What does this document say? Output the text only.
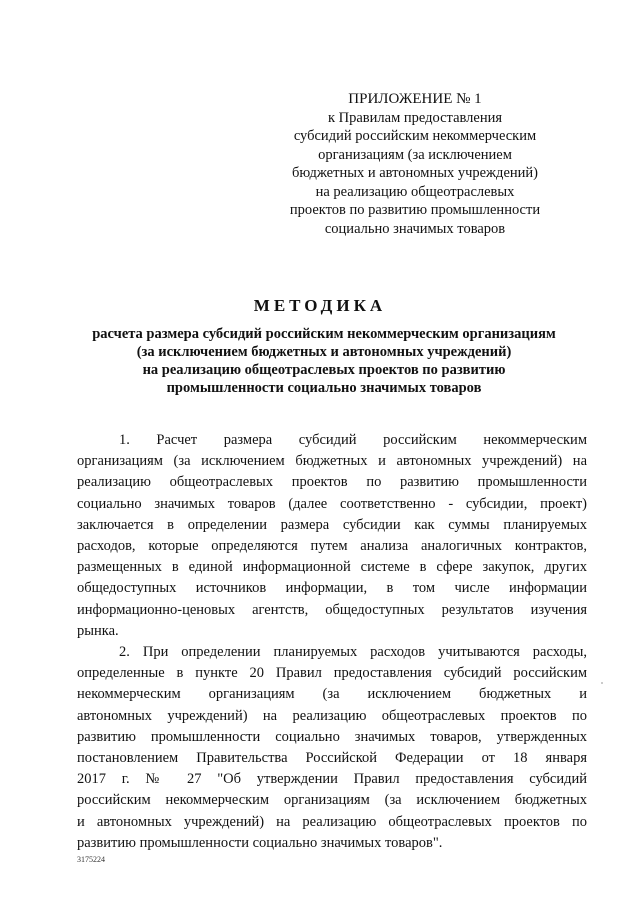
ПРИЛОЖЕНИЕ № 1
к Правилам предоставления
субсидий российским некоммерческим
организациям (за исключением
бюджетных и автономных учреждений)
на реализацию общеотраслевых
проектов по развитию промышленности
социально значимых товаров
МЕТОДИКА
расчета размера субсидий российским некоммерческим организациям
(за исключением бюджетных и автономных учреждений)
на реализацию общеотраслевых проектов по развитию
промышленности социально значимых товаров

1. Расчет размера субсидий российским некоммерческим
организациям (за исключением бюджетных и автономных учреждений) на
реализацию общеотраслевых проектов по развитию промышленности
социально значимых товаров (далее соответственно - субсидии, проект)
заключается в определении размера субсидии как суммы планируемых
расходов, которые определяются путем анализа аналогичных контрактов,
размещенных в единой информационной системе в сфере закупок, других
общедоступных источников информации, в том числе информации
информационно-ценовых агентств, общедоступных результатов изучения
рынка.

2. При определении планируемых расходов учитываются расходы,
определенные в пункте 20 Правил предоставления субсидий российским
некоммерческим организациям (за исключением бюджетных и
автономных учреждений) на реализацию общеотраслевых проектов по
развитию промышленности социально значимых товаров, утвержденных
постановлением Правительства Российской Федерации от 18 января
2017 г. № 27 "Об утверждении Правил предоставления субсидий
российским некоммерческим организациям (за исключением бюджетных
и автономных учреждений) на реализацию общеотраслевых проектов по
развитию промышленности социально значимых товаров".

3175224
